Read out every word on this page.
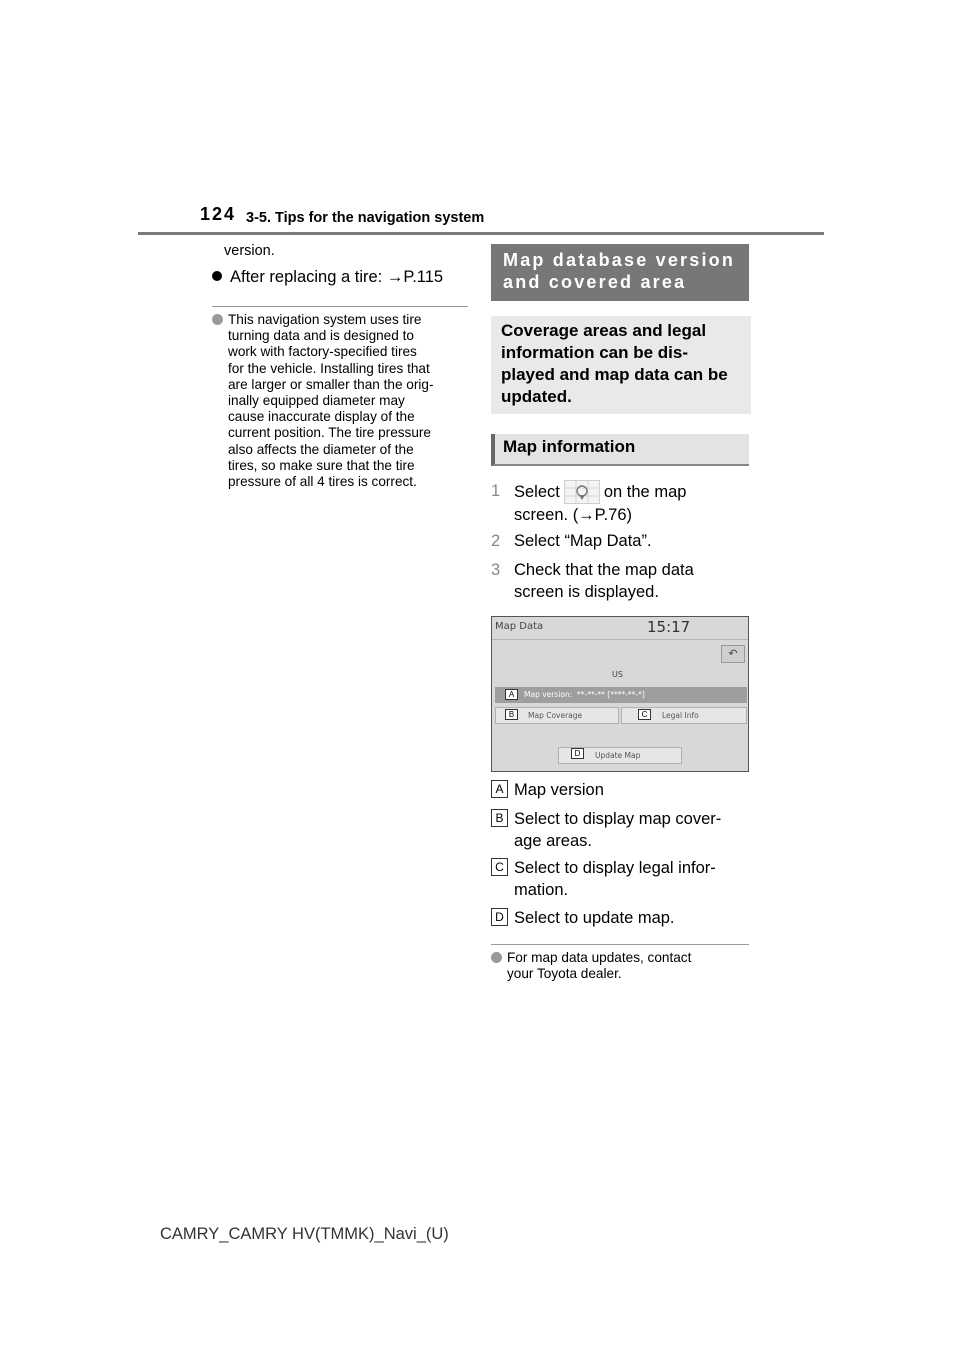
124 3-5. Tips for the navigation system
version.
After replacing a tire: →P.115
This navigation system uses tire
turning data and is designed to
work with factory-specified tires
for the vehicle. Installing tires that
are larger or smaller than the orig-
inally equipped diameter may
cause inaccurate display of the
current position. The tire pressure
also affects the diameter of the
tires, so make sure that the tire
pressure of all 4 tires is correct.
Map database version
and covered area
Coverage areas and legal
information can be dis-
played and map data can be
updated.
Map information
1 Select	on the map
screen. (→P.76)
2 Select “Map Data”.
3 Check that the map data
screen is displayed.
Map Data	15:17
↶
US
A	Map version: **-**-** [****-**-*]
Map Coverage
B	Legal Info
C
Update Map
D
A Map version
B Select to display map cover-
age areas.
C Select to display legal infor-
mation.
D Select to update map.
For map data updates, contact
your Toyota dealer.
CAMRY_CAMRY HV(TMMK)_Navi_(U)
